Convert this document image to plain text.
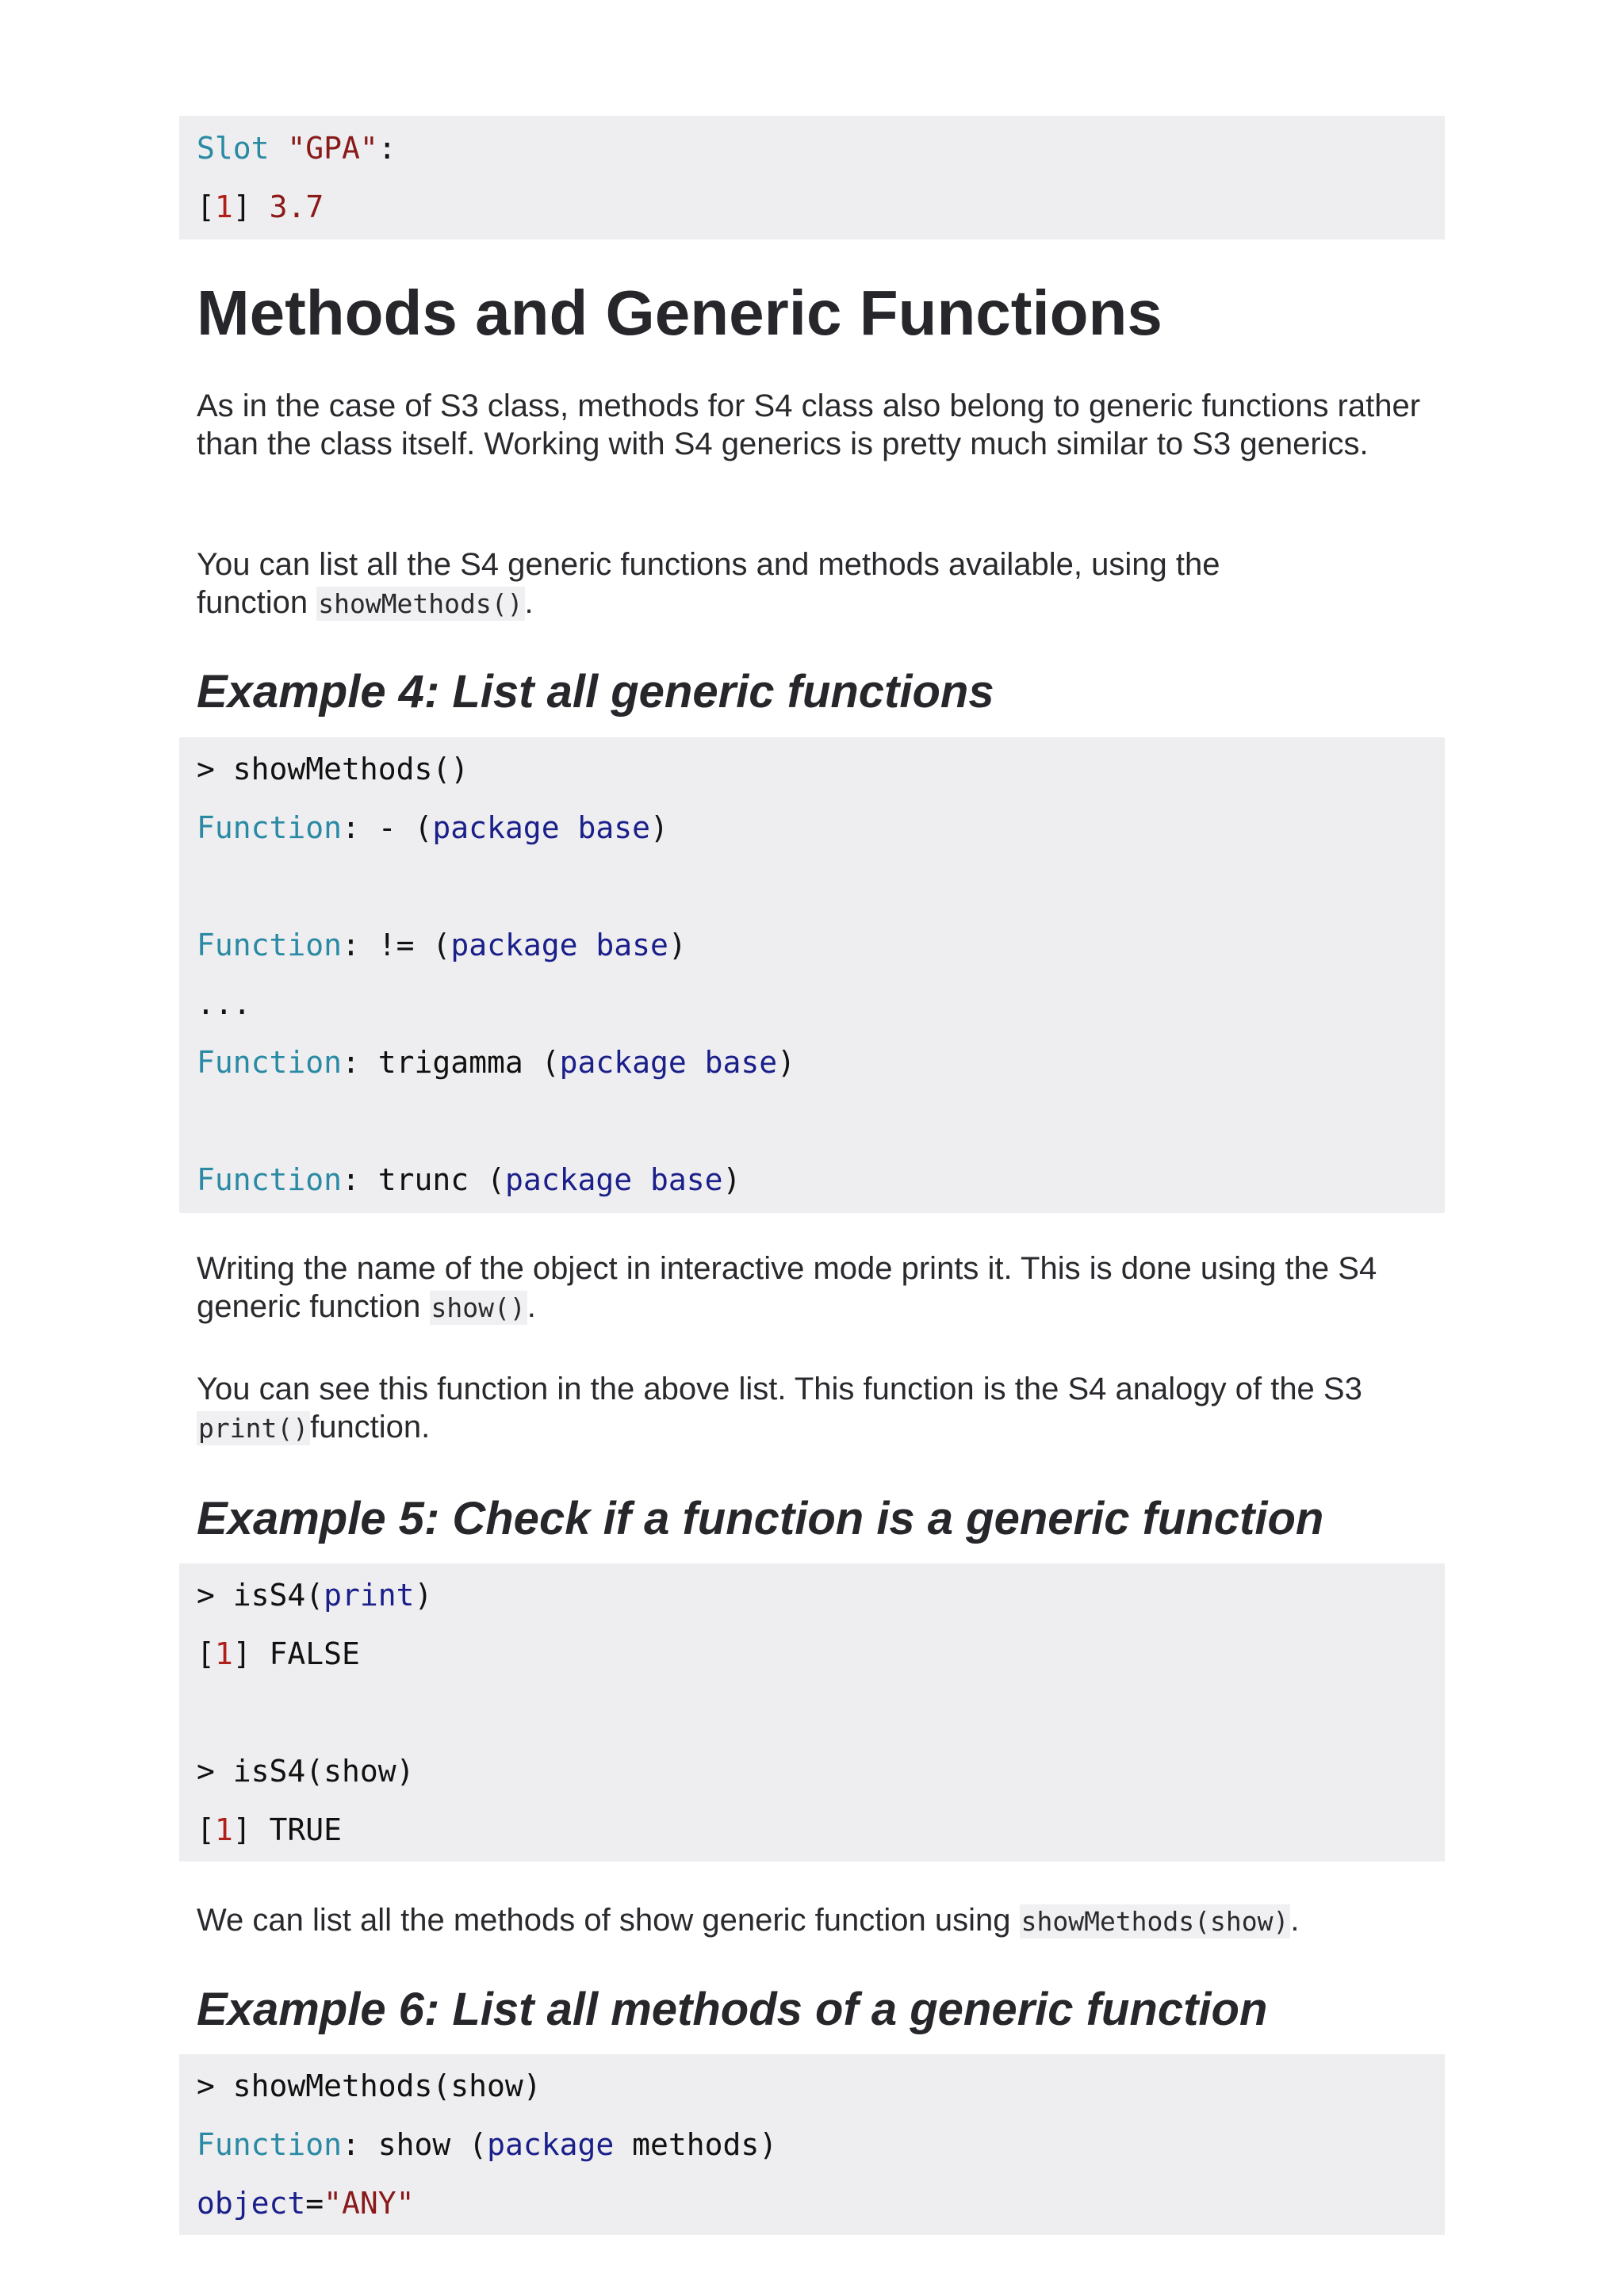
Slot "GPA":
[1] 3.7
Methods and Generic Functions

As in the case of S3 class, methods for S4 class also belong to generic functions rather than the class itself. Working with S4 generics is pretty much similar to S3 generics.

You can list all the S4 generic functions and methods available, using the function showMethods().

Example 4: List all generic functions
> showMethods()
Function: - (package base)
Function: != (package base)
...
Function: trigamma (package base)
Function: trunc (package base)

Writing the name of the object in interactive mode prints it. This is done using the S4 generic function show().

You can see this function in the above list. This function is the S4 analogy of the S3 print()function.

Example 5: Check if a function is a generic function
> isS4(print)
[1] FALSE
> isS4(show)
[1] TRUE

We can list all the methods of show generic function using showMethods(show).

Example 6: List all methods of a generic function
> showMethods(show)
Function: show (package methods)
object="ANY"
